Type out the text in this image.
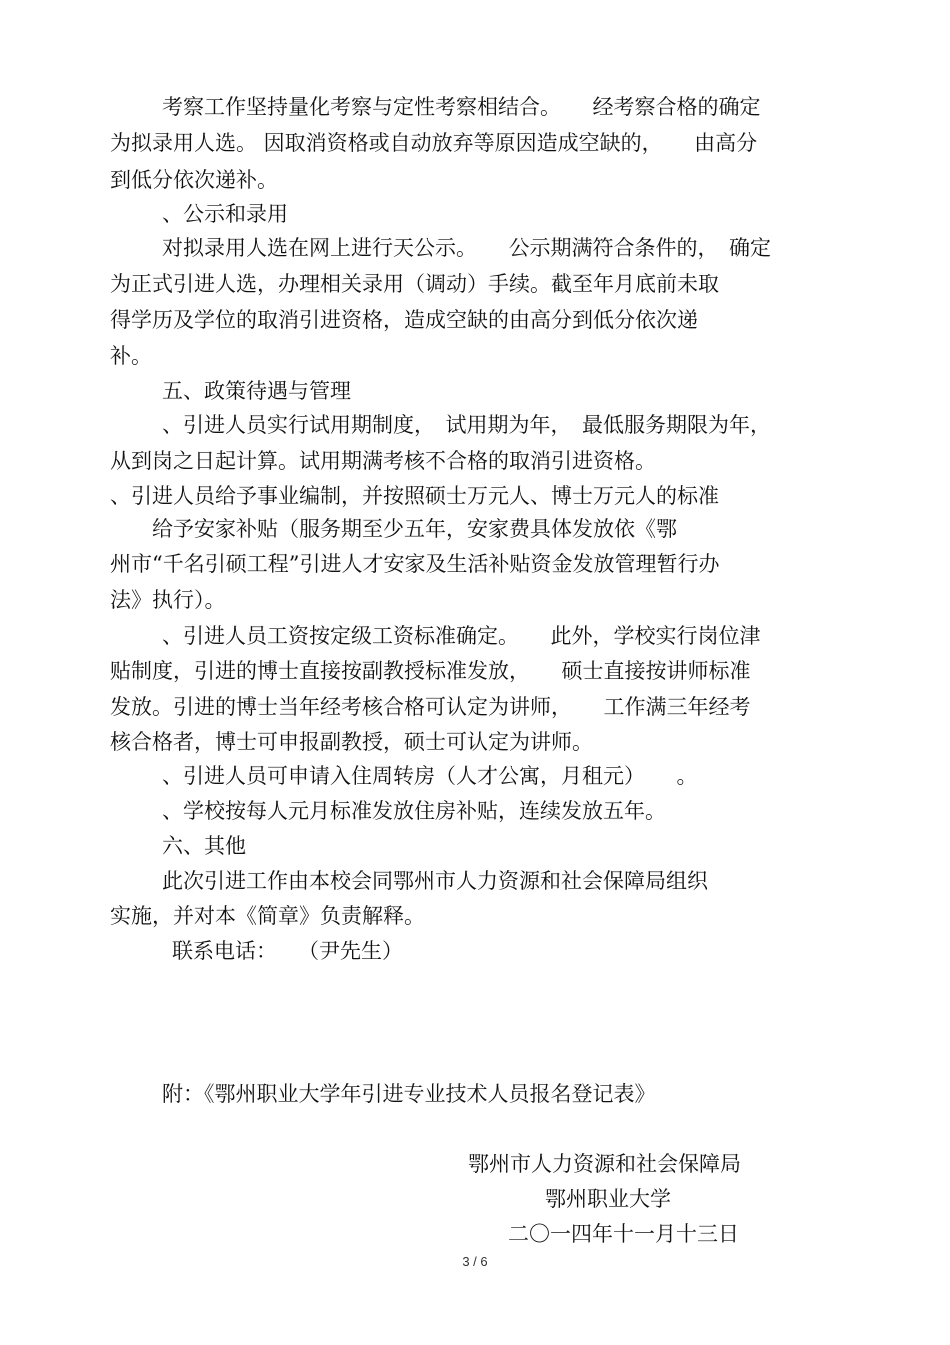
考察工作坚持量化考察与定性考察相结合。　　经考察合格的确定
为拟录用人选。 因取消资格或自动放弃等原因造成空缺的，　　由高分
到低分依次递补。
、公示和录用
对拟录用人选在网上进行天公示。　　公示期满符合条件的，　确定
为正式引进人选，办理相关录用（调动）手续。截至年月底前未取
得学历及学位的取消引进资格，造成空缺的由高分到低分依次递
补。
五、政策待遇与管理
、引进人员实行试用期制度，　试用期为年，　最低服务期限为年，
从到岗之日起计算。试用期满考核不合格的取消引进资格。
、引进人员给予事业编制，并按照硕士万元人、博士万元人的标准
给予安家补贴（服务期至少五年，安家费具体发放依《鄂
州市“千名引硕工程”引进人才安家及生活补贴资金发放管理暂行办
法》执行）。
、引进人员工资按定级工资标准确定。　　此外，学校实行岗位津
贴制度，引进的博士直接按副教授标准发放，　　硕士直接按讲师标准
发放。引进的博士当年经考核合格可认定为讲师，　　工作满三年经考
核合格者，博士可申报副教授，硕士可认定为讲师。
、引进人员可申请入住周转房（人才公寓，月租元）　　。
、学校按每人元月标准发放住房补贴，连续发放五年。
六、其他
此次引进工作由本校会同鄂州市人力资源和社会保障局组织
实施，并对本《简章》负责解释。
联系电话：　　（尹先生）
附：《鄂州职业大学年引进专业技术人员报名登记表》
鄂州市人力资源和社会保障局
鄂州职业大学
二〇一四年十一月十三日
3 / 6
